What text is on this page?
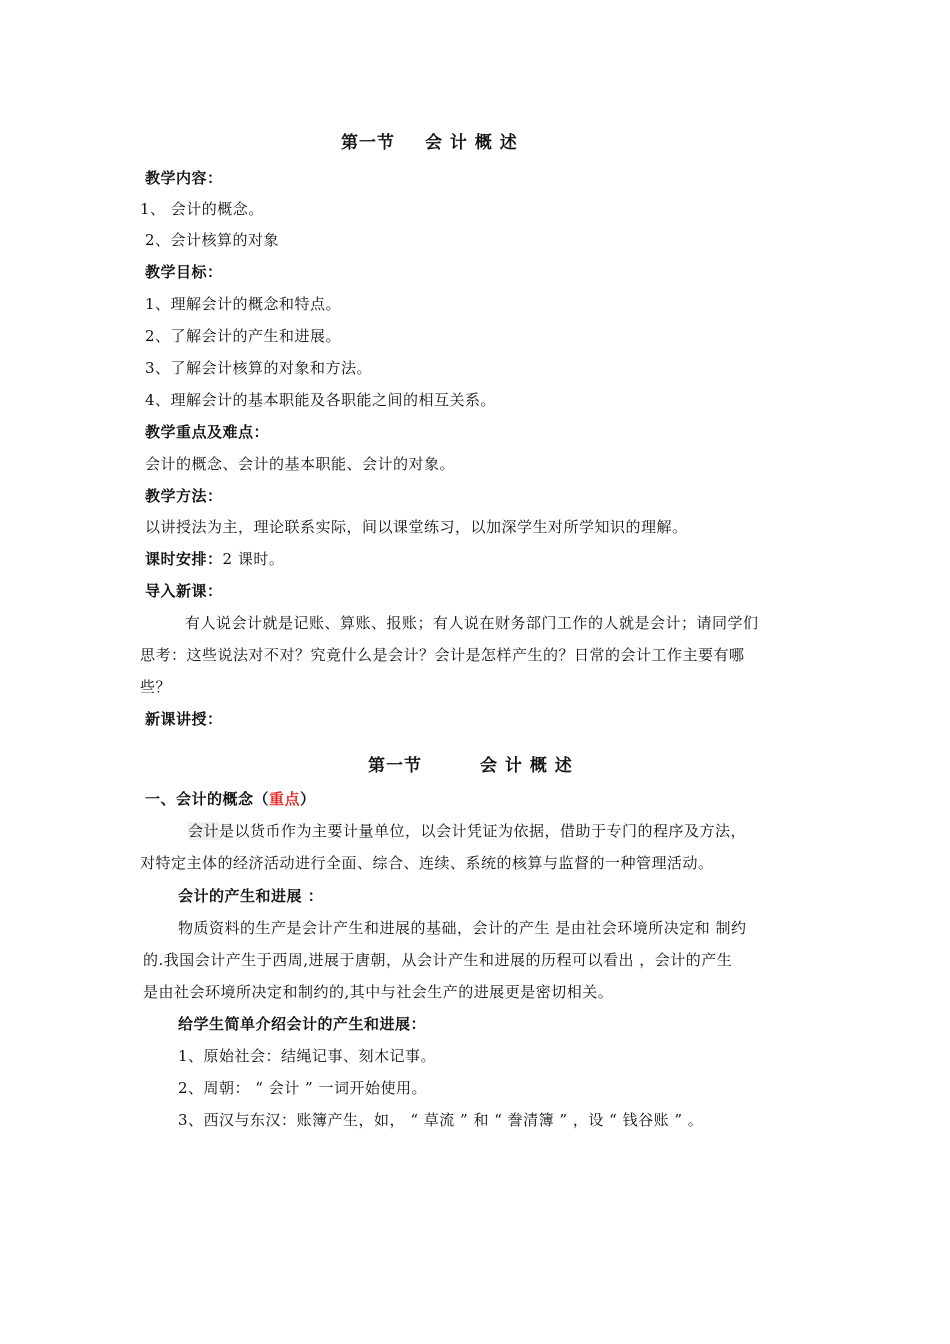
第一节 会 计 概 述
教学内容：
1、 会计的概念。
2、会计核算的对象
教学目标：
1、理解会计的概念和特点。
2、了解会计的产生和进展。
3、了解会计核算的对象和方法。
4、理解会计的基本职能及各职能之间的相互关系。
教学重点及难点：
会计的概念、会计的基本职能、会计的对象。
教学方法：
以讲授法为主，理论联系实际，间以课堂练习，以加深学生对所学知识的理解。
课时安排：2 课时。
导入新课：
有人说会计就是记账、算账、报账；有人说在财务部门工作的人就是会计；请同学们
思考：这些说法对不对？究竟什么是会计？会计是怎样产生的？日常的会计工作主要有哪
些？
新课讲授：
第一节	会 计 概 述
一、会计的概念（重点）
会计是以货币作为主要计量单位，以会计凭证为依据，借助于专门的程序及方法，
对特定主体的经济活动进行全面、综合、连续、系统的核算与监督的一种管理活动。
会计的产生和进展 ：
物质资料的生产是会计产生和进展的基础，会计的产生 是由社会环境所决定和 制约
的.我国会计产生于西周,进展于唐朝，从会计产生和进展的历程可以看出 ，会计的产生
是由社会环境所决定和制约的,其中与社会生产的进展更是密切相关。
给学生简单介绍会计的产生和进展：
1、原始社会：结绳记事、刻木记事。
2、周朝： “ 会计 ” 一词开始使用。
3、西汉与东汉：账簿产生，如， “ 草流 ” 和 “ 誊清簿 ” ，设 “ 钱谷账 ” 。
